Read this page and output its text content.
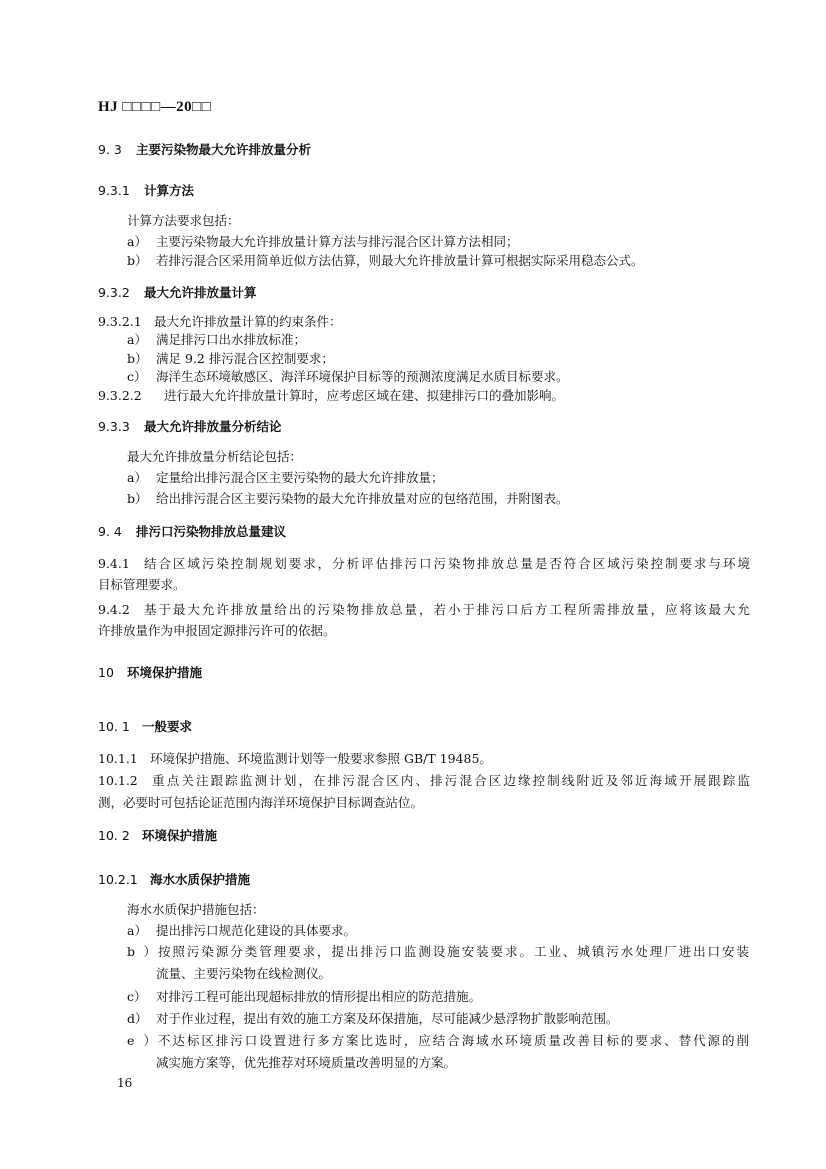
HJ □□□□—20□□
9. 3 主要污染物最大允许排放量分析
9.3.1 计算方法
计算方法要求包括：
a） 主要污染物最大允许排放量计算方法与排污混合区计算方法相同；
b） 若排污混合区采用简单近似方法估算，则最大允许排放量计算可根据实际采用稳态公式。
9.3.2 最大允许排放量计算
9.3.2.1 最大允许排放量计算的约束条件：
a） 满足排污口出水排放标准；
b） 满足 9.2 排污混合区控制要求；
c） 海洋生态环境敏感区、海洋环境保护目标等的预测浓度满足水质目标要求。
9.3.2.2 进行最大允许排放量计算时，应考虑区域在建、拟建排污口的叠加影响。
9.3.3 最大允许排放量分析结论
最大允许排放量分析结论包括：
a） 定量给出排污混合区主要污染物的最大允许排放量；
b） 给出排污混合区主要污染物的最大允许排放量对应的包络范围，并附图表。
9. 4 排污口污染物排放总量建议
9.4.1 结合区域污染控制规划要求，分析评估排污口污染物排放总量是否符合区域污染控制要求与环境
目标管理要求。
9.4.2 基于最大允许排放量给出的污染物排放总量，若小于排污口后方工程所需排放量，应将该最大允
许排放量作为申报固定源排污许可的依据。
10 环境保护措施
10. 1 一般要求
10.1.1 环境保护措施、环境监测计划等一般要求参照 GB/T 19485。
10.1.2 重点关注跟踪监测计划，在排污混合区内、排污混合区边缘控制线附近及邻近海域开展跟踪监
测，必要时可包括论证范围内海洋环境保护目标调查站位。
10. 2 环境保护措施
10.2.1 海水水质保护措施
海水水质保护措施包括：
a） 提出排污口规范化建设的具体要求。
b）按照污染源分类管理要求，提出排污口监测设施安装要求。工业、城镇污水处理厂进出口安装
流量、主要污染物在线检测仪。
c） 对排污工程可能出现超标排放的情形提出相应的防范措施。
d） 对于作业过程，提出有效的施工方案及环保措施，尽可能减少悬浮物扩散影响范围。
e）不达标区排污口设置进行多方案比选时，应结合海域水环境质量改善目标的要求、替代源的削
减实施方案等，优先推荐对环境质量改善明显的方案。
16
